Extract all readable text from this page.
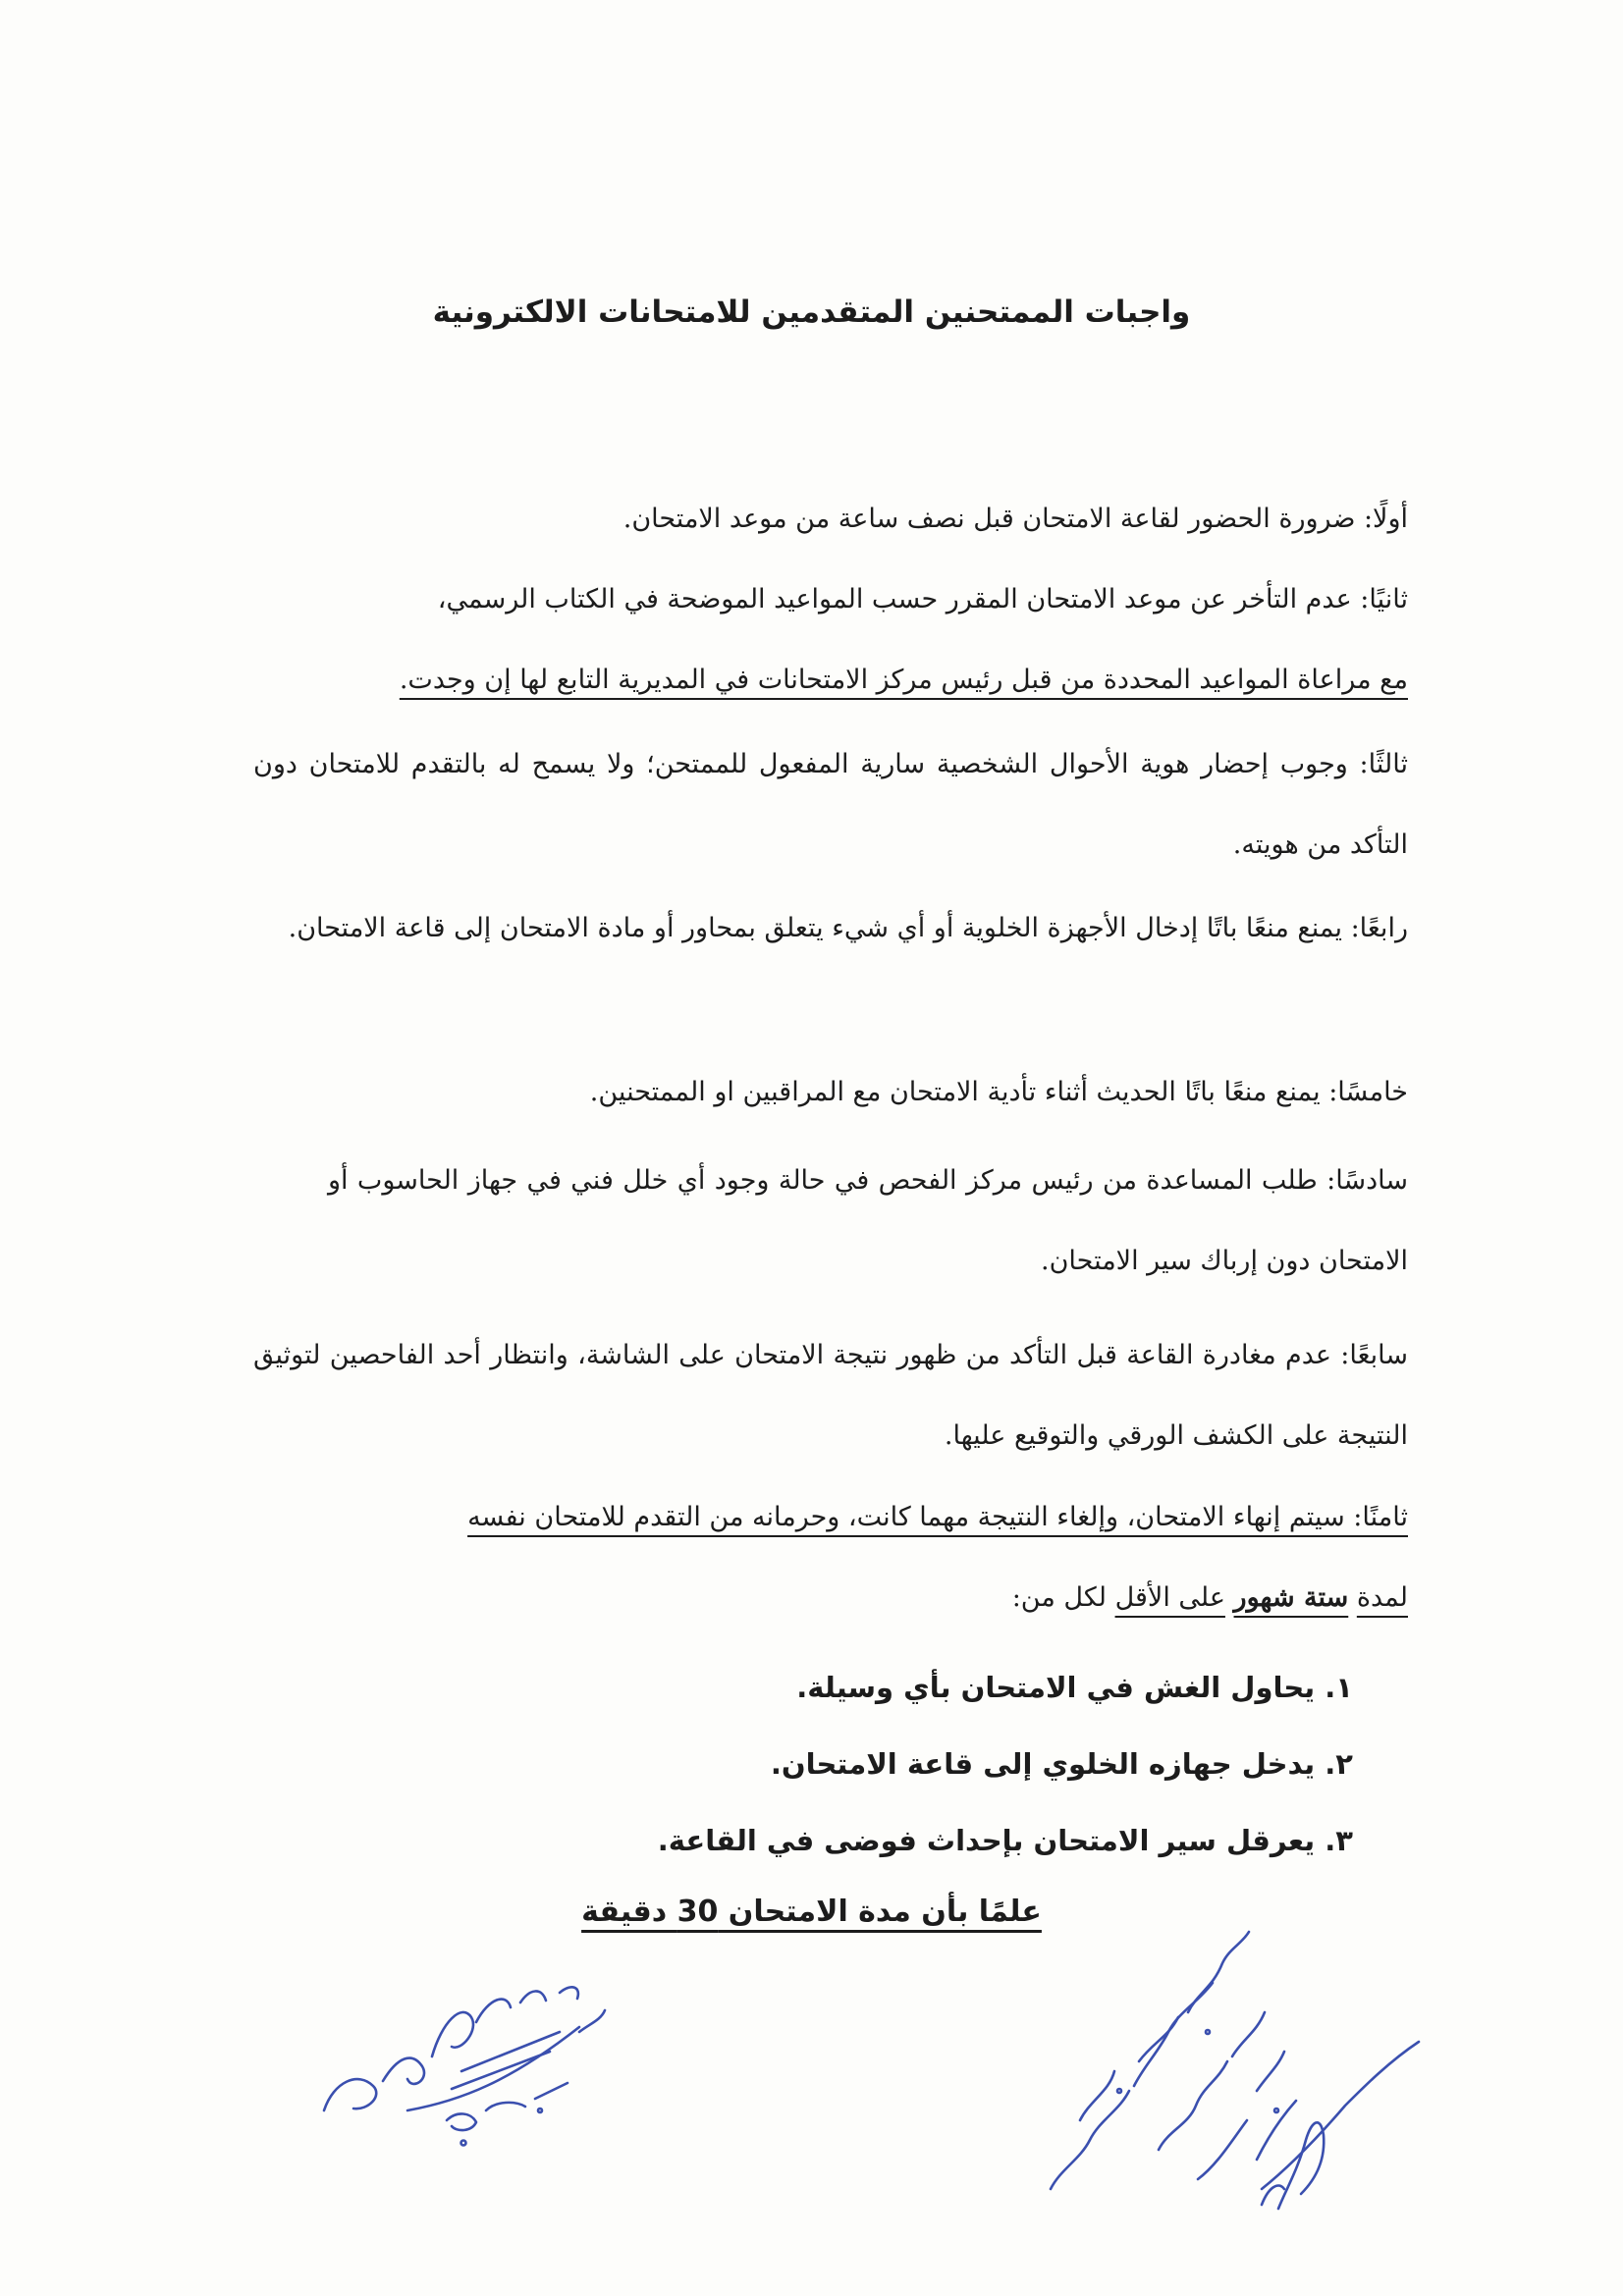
واجبات الممتحنين المتقدمين للامتحانات الالكترونية
أولًا: ضرورة الحضور لقاعة الامتحان قبل نصف ساعة من موعد الامتحان.
ثانيًا: عدم التأخر عن موعد الامتحان المقرر حسب المواعيد الموضحة في الكتاب الرسمي،
مع مراعاة المواعيد المحددة من قبل رئيس مركز الامتحانات في المديرية التابع لها إن وجدت.
ثالثًا: وجوب إحضار هوية الأحوال الشخصية سارية المفعول للممتحن؛ ولا يسمح له بالتقدم للامتحان دون التأكد من هويته.
رابعًا: يمنع منعًا باتًا إدخال الأجهزة الخلوية أو أي شيء يتعلق بمحاور أو مادة الامتحان إلى قاعة الامتحان.
خامسًا: يمنع منعًا باتًا الحديث أثناء تأدية الامتحان مع المراقبين او الممتحنين.
سادسًا: طلب المساعدة من رئيس مركز الفحص في حالة وجود أي خلل فني في جهاز الحاسوب أو الامتحان دون إرباك سير الامتحان.
سابعًا: عدم مغادرة القاعة قبل التأكد من ظهور نتيجة الامتحان على الشاشة، وانتظار أحد الفاحصين لتوثيق النتيجة على الكشف الورقي والتوقيع عليها.
ثامنًا: سيتم إنهاء الامتحان، وإلغاء النتيجة مهما كانت، وحرمانه من التقدم للامتحان نفسه
لمدة ستة شهور على الأقل لكل من:
١. يحاول الغش في الامتحان بأي وسيلة.
٢. يدخل جهازه الخلوي إلى قاعة الامتحان.
٣. يعرقل سير الامتحان بإحداث فوضى في القاعة.
علمًا بأن مدة الامتحان 30 دقيقة
